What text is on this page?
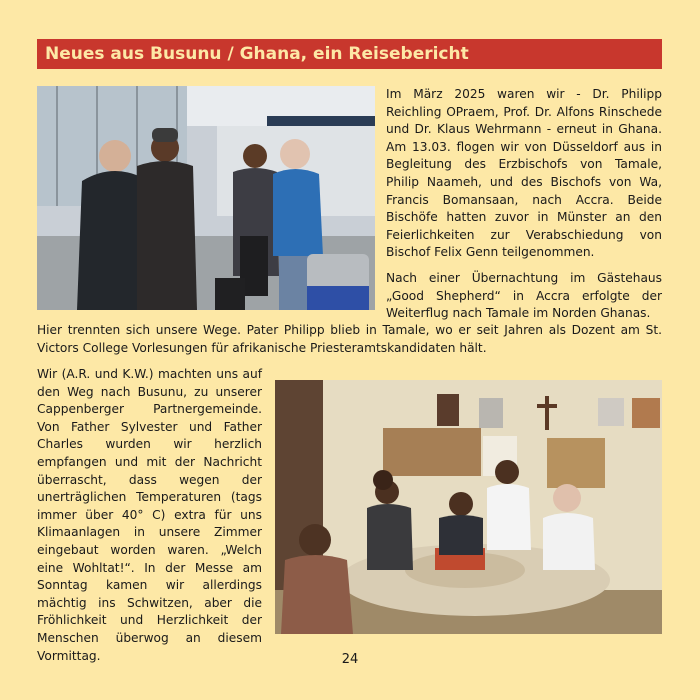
Neues aus Busunu / Ghana, ein Reisebericht

Im März 2025 waren wir - Dr. Philipp Reichling OPraem, Prof. Dr. Alfons Rinschede und Dr. Klaus Wehrmann - erneut in Ghana. Am 13.03. flogen wir von Düsseldorf aus in Begleitung des Erzbischofs von Tamale, Philip Naameh, und des Bischofs von Wa, Francis Bomansaan, nach Accra. Beide Bischöfe hatten zuvor in Münster an den Feierlichkeiten zur Verabschiedung von Bischof Felix Genn teilgenommen.

Nach einer Übernachtung im Gästehaus „Good Shepherd“ in Accra erfolgte der Weiterflug nach Tamale im Norden Ghanas.

Hier trennten sich unsere Wege. Pater Philipp blieb in Tamale, wo er seit Jahren als Dozent am St. Victors College Vorlesungen für afrikanische Priesteramtskandidaten hält.

Wir (A.R. und K.W.) machten uns auf den Weg nach Busunu, zu unserer Cappenberger Partnergemeinde. Von Father Sylvester und Father Charles wurden wir herzlich empfangen und mit der Nachricht überrascht, dass wegen der unerträglichen Temperaturen (tags immer über 40° C) extra für uns Klimaanlagen in unsere Zimmer eingebaut worden waren. „Welch eine Wohltat!“. In der Messe am Sonntag kamen wir allerdings mächtig ins Schwitzen, aber die Fröhlichkeit und Herzlichkeit der Menschen überwog an diesem Vormittag.	24
